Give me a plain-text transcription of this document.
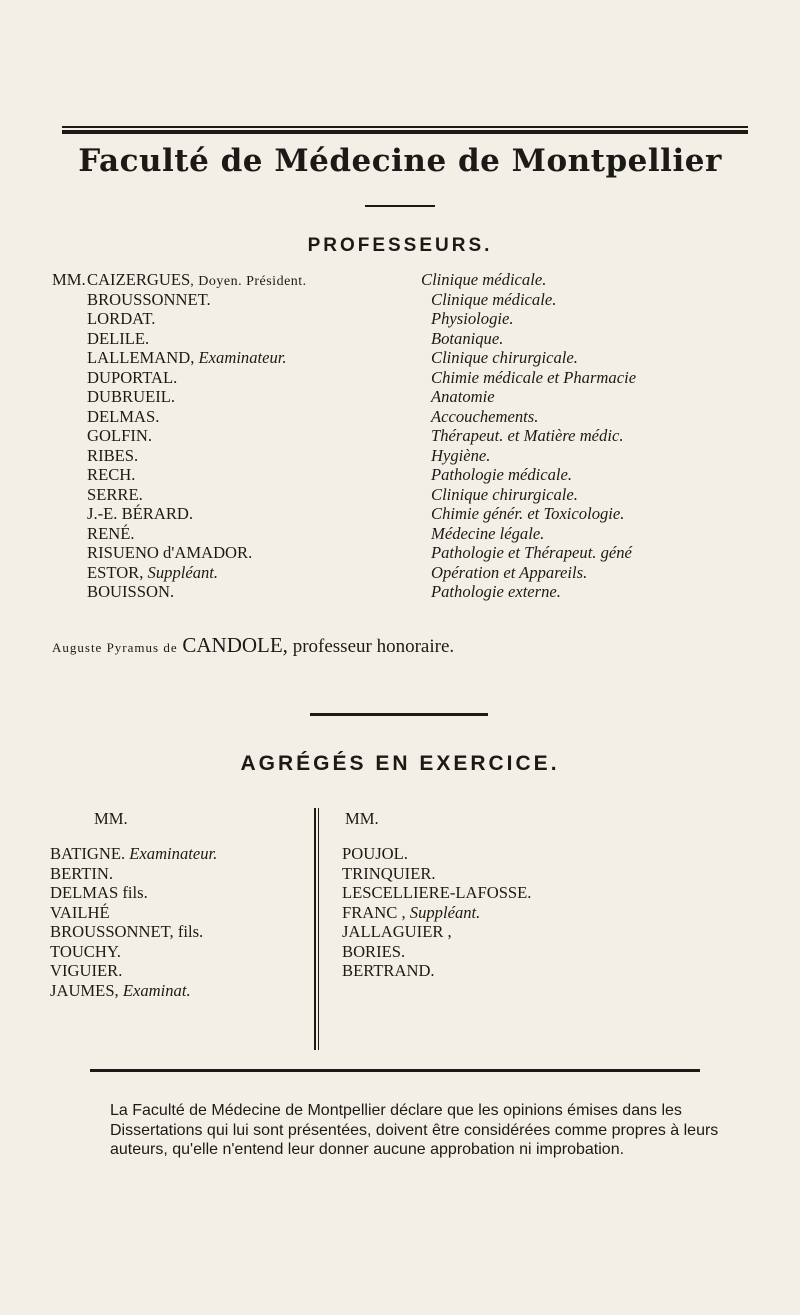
Faculté de Médecine de Montpellier
PROFESSEURS.
MM. CAIZERGUES, Doyen. Président.
BROUSSONNET.
LORDAT.
DELILE.
LALLEMAND, Examinateur.
DUPORTAL.
DUBRUEIL.
DELMAS.
GOLFIN.
RIBES.
RECH.
SERRE.
J.-E. BÉRARD.
RENÉ.
RISUENO d'AMADOR.
ESTOR, Suppléant.
BOUISSON.
Clinique médicale.
Clinique médicale.
Physiologie.
Botanique.
Clinique chirurgicale.
Chimie médicale et Pharmacie
Anatomie
Accouchements.
Thérapeut. et Matière médic.
Hygiène.
Pathologie médicale.
Clinique chirurgicale.
Chimie génér. et Toxicologie.
Médecine légale.
Pathologie et Thérapeut. géné
Opération et Appareils.
Pathologie externe.
Auguste Pyramus de CANDOLE, professeur honoraire.
AGRÉGÉS EN EXERCICE.
MM.
BATIGNE. Examinateur.
BERTIN.
DELMAS fils.
VAILHÉ
BROUSSONNET, fils.
TOUCHY.
VIGUIER.
JAUMES, Examinat.
MM.
POUJOL.
TRINQUIER.
LESCELLIERE-LAFOSSE.
FRANC , Suppléant.
JALLAGUIER ,
BORIES.
BERTRAND.
La Faculté de Médecine de Montpellier déclare que les opinions émises dans les Dissertations qui lui sont présentées, doivent être considérées comme propres à leurs auteurs, qu'elle n'entend leur donner aucune approbation ni improbation.
